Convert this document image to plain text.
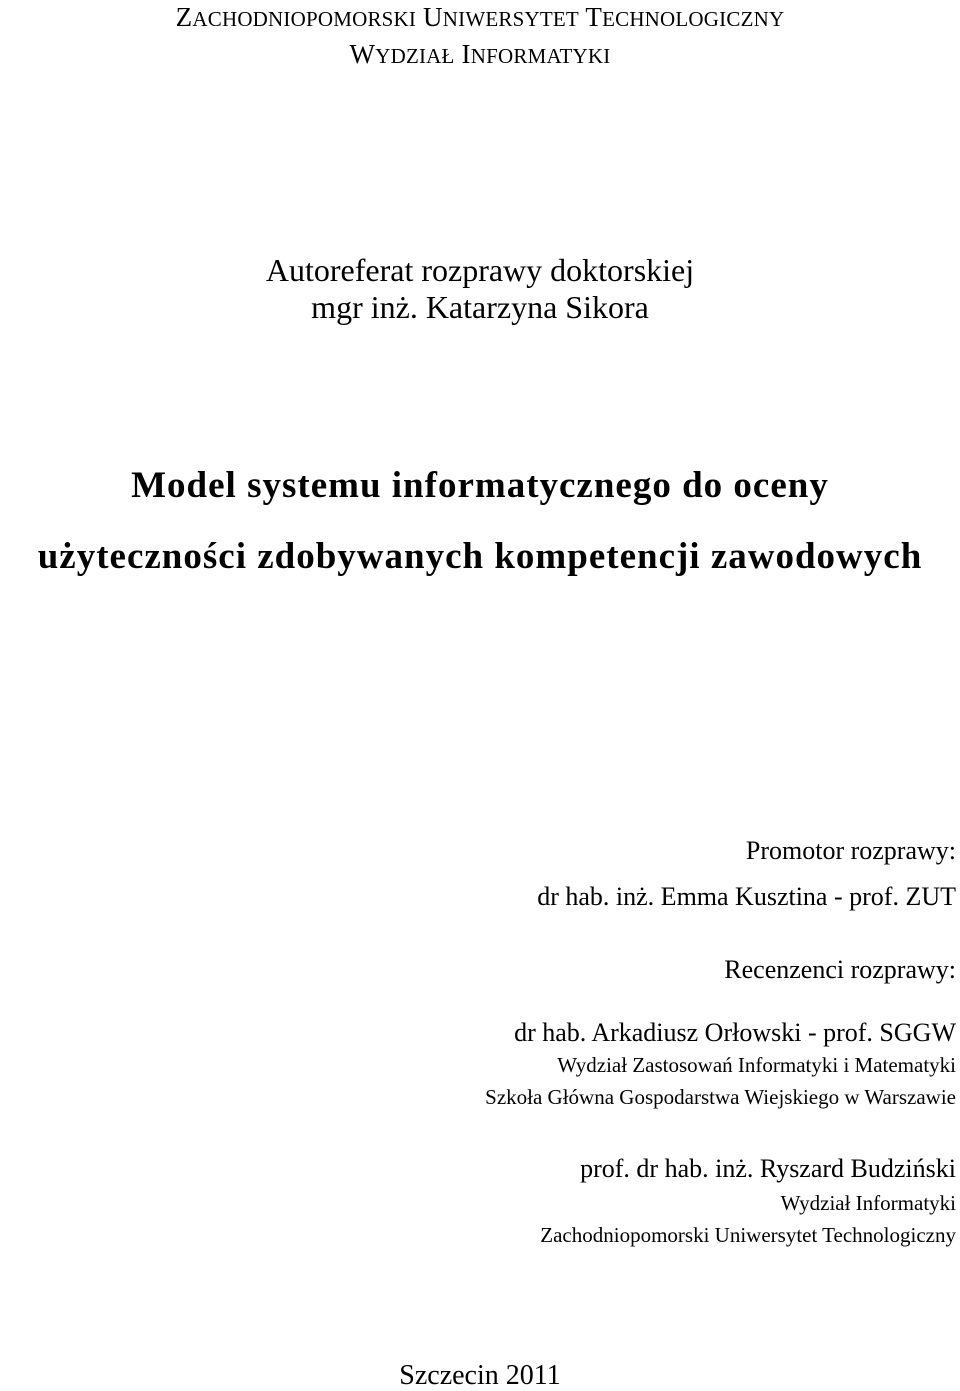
ZACHODNIOPOMORSKI UNIWERSYTET TECHNOLOGICZNY
WYDZIAŁ INFORMATYKI
Autoreferat rozprawy doktorskiej
mgr inż. Katarzyna Sikora
Model systemu informatycznego do oceny
użyteczności zdobywanych kompetencji zawodowych
Promotor rozprawy:
dr hab. inż. Emma Kusztina - prof. ZUT
Recenzenci rozprawy:
dr hab. Arkadiusz Orłowski - prof. SGGW
Wydział Zastosowań Informatyki i Matematyki
Szkoła Główna Gospodarstwa Wiejskiego w Warszawie
prof. dr hab. inż. Ryszard Budziński
Wydział Informatyki
Zachodniopomorski Uniwersytet Technologiczny
Szczecin 2011
